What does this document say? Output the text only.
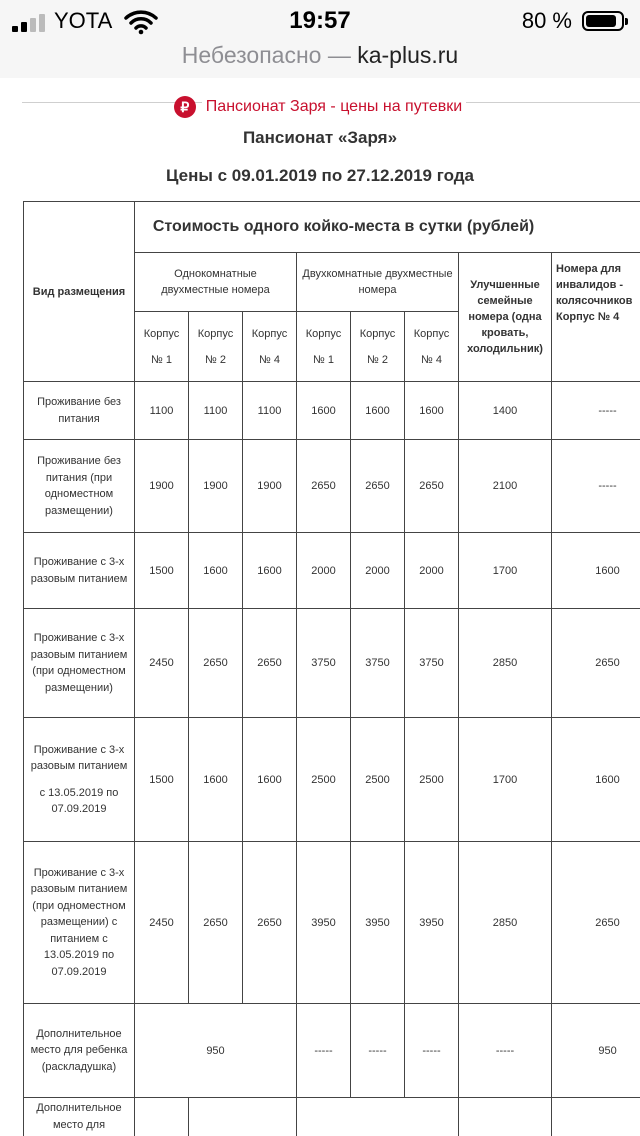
YOTA	19:57	80 %
Небезопасно — ka-plus.ru
₽ Пансионат Заря - цены на путевки
Пансионат «Заря»
Цены с 09.01.2019 по 27.12.2019 года
Вид размещения	Стоимость одного койко-места в сутки (рублей)							
	Однокомнатные двухместные номера			Двухкомнатные двухместные номера			Улучшенные семейные номера (одна кровать, холодильник)	Номера для инвалидов - колясочников Корпус № 4
	Корпус № 1	Корпус № 2	Корпус № 4	Корпус № 1	Корпус № 2	Корпус № 4		
Проживание без питания	1100	1100	1100	1600	1600	1600	1400	-----
Проживание без питания (при одноместном размещении)	1900	1900	1900	2650	2650	2650	2100	-----
Проживание с 3-х разовым питанием	1500	1600	1600	2000	2000	2000	1700	1600
Проживание с 3-х разовым питанием (при одноместном размещении)	2450	2650	2650	3750	3750	3750	2850	2650
Проживание с 3-х разовым питанием
с 13.05.2019 по 07.09.2019	1500	1600	1600	2500	2500	2500	1700	1600
Проживание с 3-х разовым питанием (при одноместном размещении) с питанием с 13.05.2019 по 07.09.2019	2450	2650	2650	3950	3950	3950	2850	2650
Дополнительное место для ребенка (раскладушка)	950			-----	-----	-----	-----	950
Дополнительное место для								
